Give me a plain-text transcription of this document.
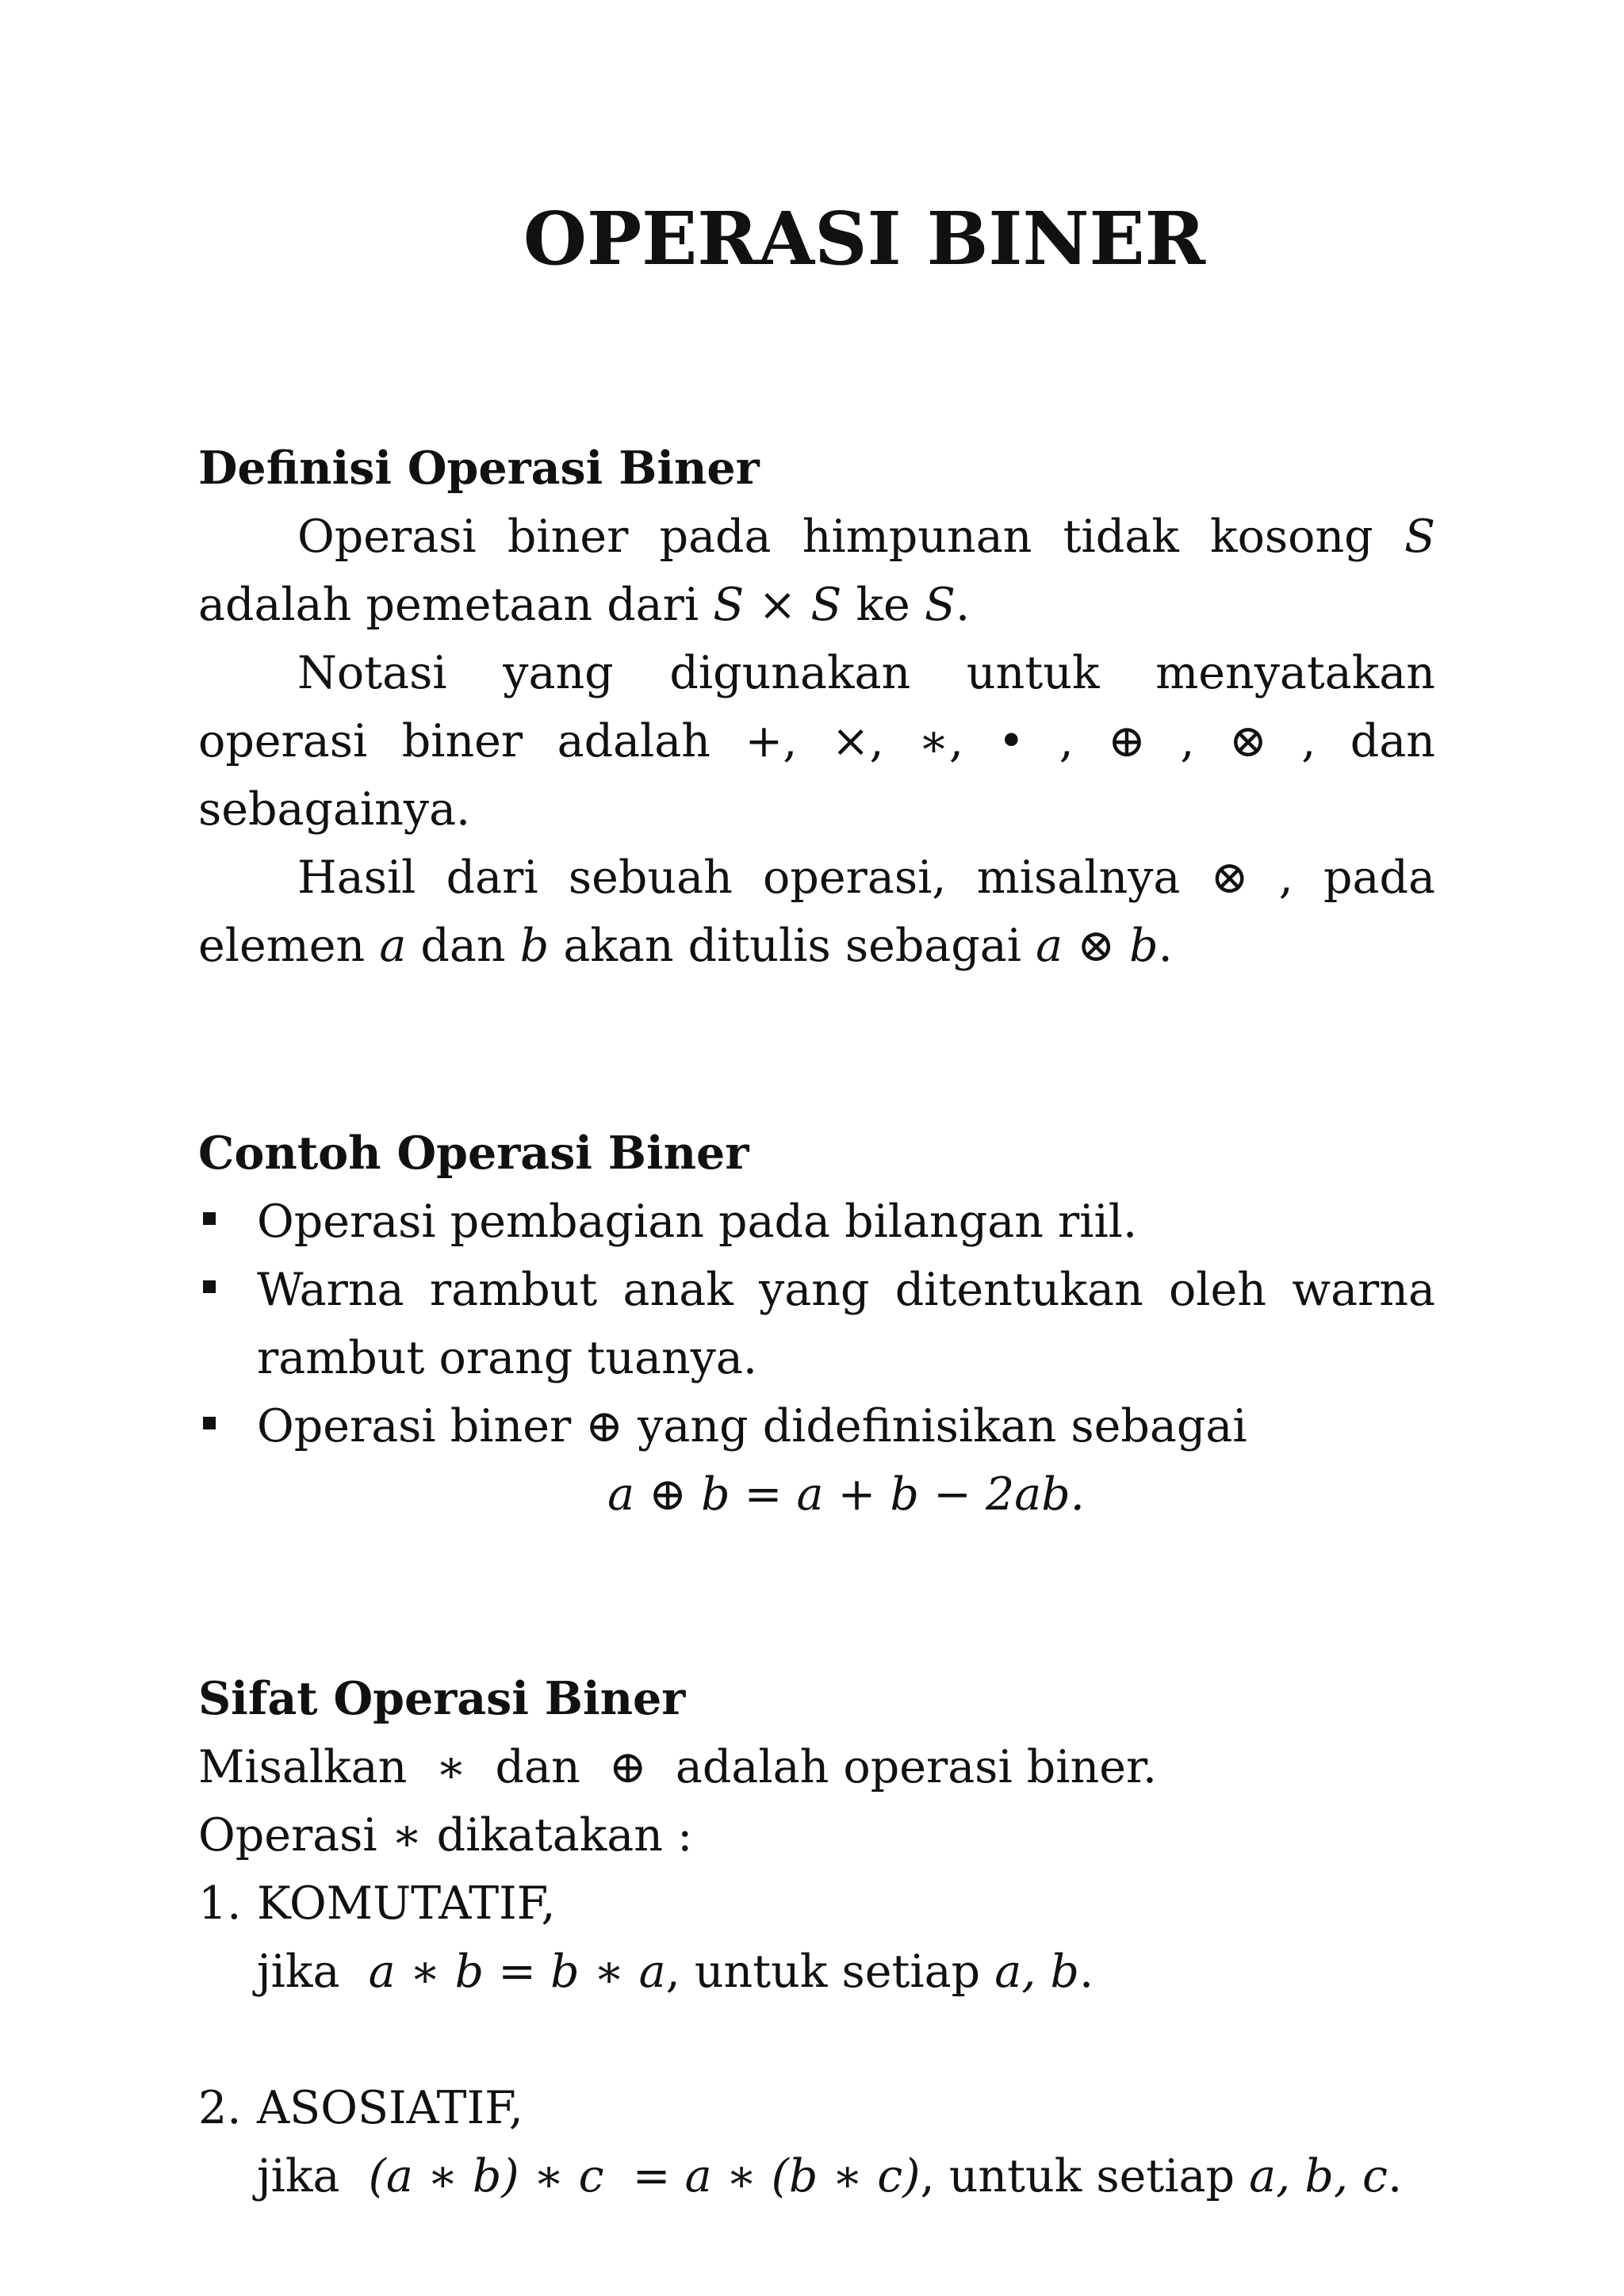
OPERASI BINER

Definisi Operasi Biner

Operasi biner pada himpunan tidak kosong S adalah pemetaan dari S × S ke S.

Notasi yang digunakan untuk menyatakan operasi biner adalah +, ×, ∗, • , ⊕ , ⊗ , dan sebagainya.

Hasil dari sebuah operasi, misalnya ⊗ , pada elemen a dan b akan ditulis sebagai a ⊗ b.

Contoh Operasi Biner

Operasi pembagian pada bilangan riil.
Warna rambut anak yang ditentukan oleh warna rambut orang tuanya.
Operasi biner ⊕ yang didefinisikan sebagai

a ⊕ b = a + b − 2ab.

Sifat Operasi Biner

Misalkan  ∗  dan  ⊕  adalah operasi biner.

Operasi ∗ dikatakan :

1. KOMUTATIF,
jika  a ∗ b = b ∗ a, untuk setiap a, b.
2. ASOSIATIF,
jika  (a ∗ b) ∗ c  = a ∗ (b ∗ c), untuk setiap a, b, c.
